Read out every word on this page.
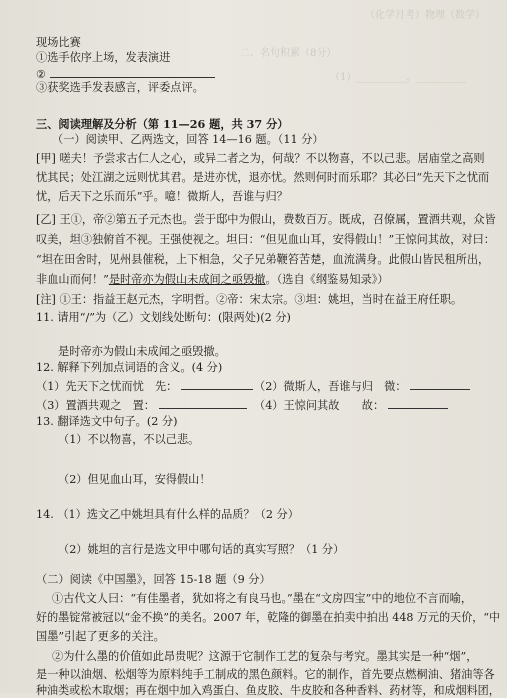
（化学月考）物理（数学）
二、名句积累（8分）
（1）__________，__________
现场比赛
①选手依序上场，发表演进
②
③获奖选手发表感言，评委点评。
三、阅读理解及分析（第 11—26 题，共 37 分）
（一）阅读甲、乙两选文，回答 14—16 题。（11 分）
[甲] 嗟夫！予尝求古仁人之心，或异二者之为，何哉？不以物喜，不以己悲。居庙堂之高则
忧其民；处江湖之远则忧其君。是进亦忧，退亦忧。然则何时而乐耶？其必曰“先天下之忧而
忧，后天下之乐而乐”乎。噫！微斯人，吾谁与归？
[乙] 王①，帝②第五子元杰也。尝于邸中为假山，费数百万。既成，召僚属，置酒共观，众皆
叹美，坦③独俯首不视。王强使视之。坦曰：“但见血山耳，安得假山！”王惊问其故，对曰：
“坦在田舍时，见州县催税，上下相急，父子兄弟鞭笞苦楚，血流满身。此假山皆民租所出，
非血山而何！”是时帝亦为假山未成间之亟毁撤。（选自《纲鉴易知录》）
[注] ①王：指益王赵元杰，字明哲。②帝：宋太宗。③坦：姚坦，当时在益王府任职。
11. 请用“/”为（乙）文划线处断句：(限两处)(2 分)
是时帝亦为假山未成闻之亟毁撤。
12. 解释下列加点词语的含义。(4 分)
（1）先天下之忧而忧　先：	（2）微斯人，吾谁与归　微：
（3）置酒共观之　置：	（4）王惊问其故　　故：
13. 翻译选文中句子。(2 分)
（1）不以物喜，不以己悲。
（2）但见血山耳，安得假山！
14. （1）选文乙中姚坦具有什么样的品质？（2 分）
（2）姚坦的言行是选文甲中哪句话的真实写照？（1 分）
（二）阅读《中国墨》，回答 15-18 题（9 分）
①古代文人曰：“有佳墨者，犹如将之有良马也。”墨在“文房四宝”中的地位不言而喻，
好的墨锭常被冠以“金不换”的美名。2007 年，乾隆的御墨在拍卖中拍出 448 万元的天价，“中
国墨”引起了更多的关注。
②为什么墨的价值如此昂贵呢？这源于它制作工艺的复杂与考究。墨其实是一种“烟”，
是一种以油烟、松烟等为原料纯手工制成的黑色颜料。它的制作，首先要点燃桐油、猪油等各
种油类或松木取烟；再在烟中加入鸡蛋白、鱼皮胶、牛皮胶和各种香料、药材等，和成烟料团，
